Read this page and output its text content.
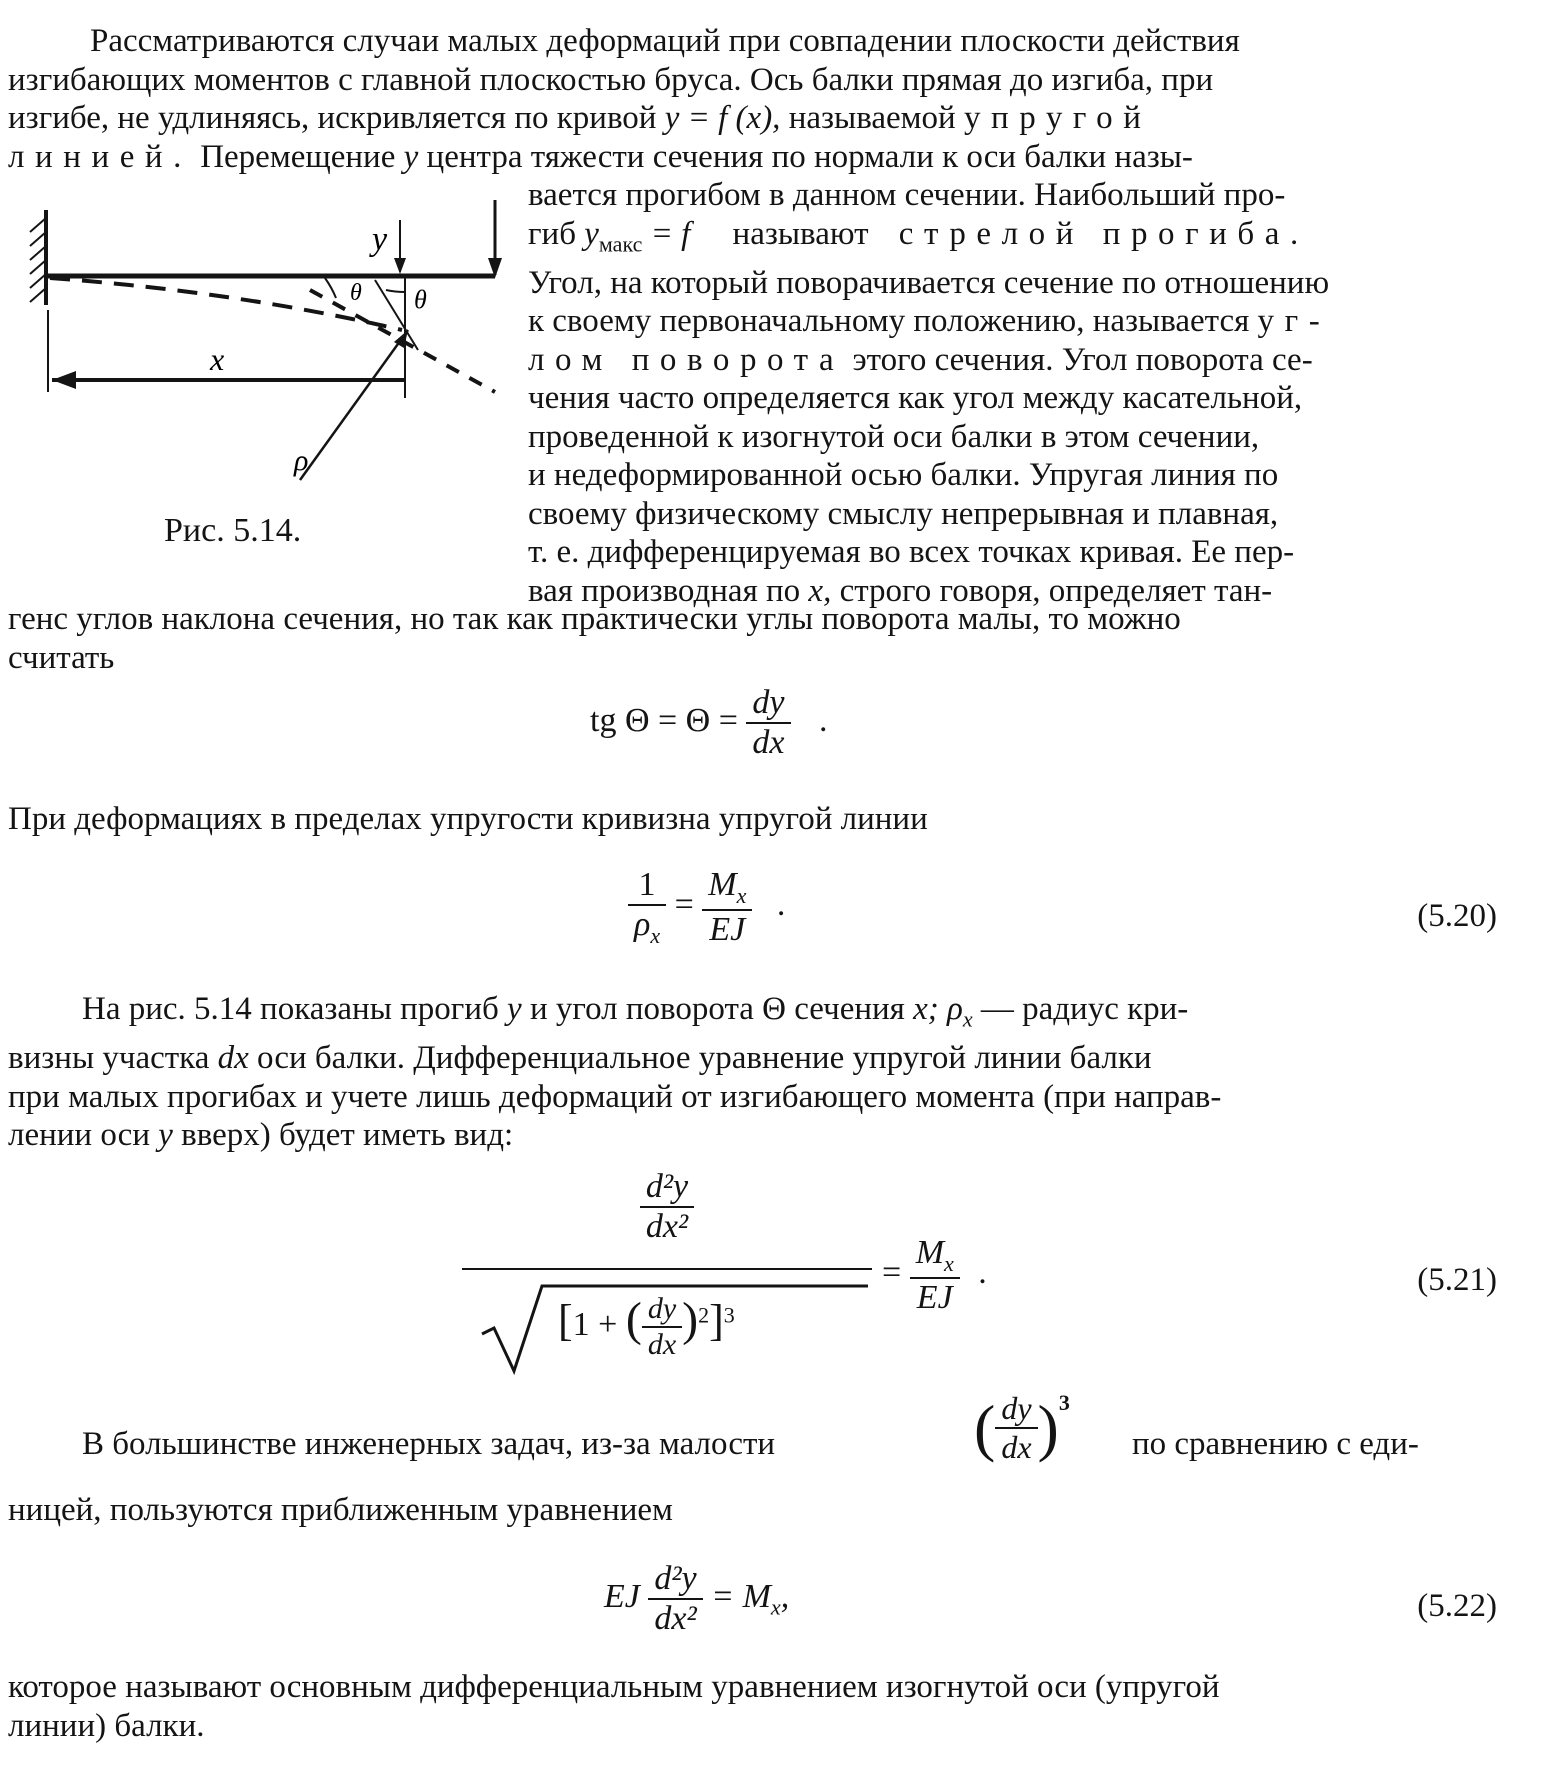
Рассматриваются случаи малых деформаций при совпадении плоскости действия
изгибающих моментов с главной плоскостью бруса. Ось балки прямая до изгиба, при
изгибе, не удлиняясь, искривляется по кривой y = f (x), называемой упругой
линией. Перемещение y центра тяжести сечения по нормали к оси балки назы-
вается прогибом в данном сечении. Наибольший про-
гиб $y_{макс} = f$ называют стрелой прогиба.
Угол, на который поворачивается сечение по отношению
к своему первоначальному положению, называется уг-
лом поворота этого сечения. Угол поворота се-
чения часто определяется как угол между касательной,
проведенной к изогнутой оси балки в этом сечении,
и недеформированной осью балки. Упругая линия по
своему физическому смыслу непрерывная и плавная,
т. е. дифференцируемая во всех точках кривая. Ее пер-
вая производная по x, строго говоря, определяет тан-
генс углов наклона сечения, но так как практически углы поворота малы, то можно
считать
y
θ θ
x
ρ
Рис. 5.14.
tg $\Theta = \Theta = \frac{dy}{dx}$ .
При деформациях в пределах упругости кривизна упругой линии
$\frac{1}{\rho_x} = \frac{M_x}{EJ}$ .	(5.20)
На рис. 5.14 показаны прогиб y и угол поворота Θ сечения x; $\rho_x$ — радиус кри-
визны участка dx оси балки. Дифференциальное уравнение упругой линии балки
при малых прогибах и учете лишь деформаций от изгибающего момента (при направ-
лении оси y вверх) будет иметь вид:
$\frac{\text{d²y}}{\text{dx²}}$
[1 + ( $\frac{dy}{dx} )^2]^3$
= $\frac{M_x}{EJ}$ .	(5.21)
В большинстве инженерных задач, из-за малости	( $\frac{dy}{dx} )^3$
по сравнению с еди-
ницей, пользуются приближенным уравнением
EJ $\frac{\text{d²y}}{\text{dx²}} = M_x$,	(5.22)
которое называют основным дифференциальным уравнением изогнутой оси (упругой
линии) балки.
